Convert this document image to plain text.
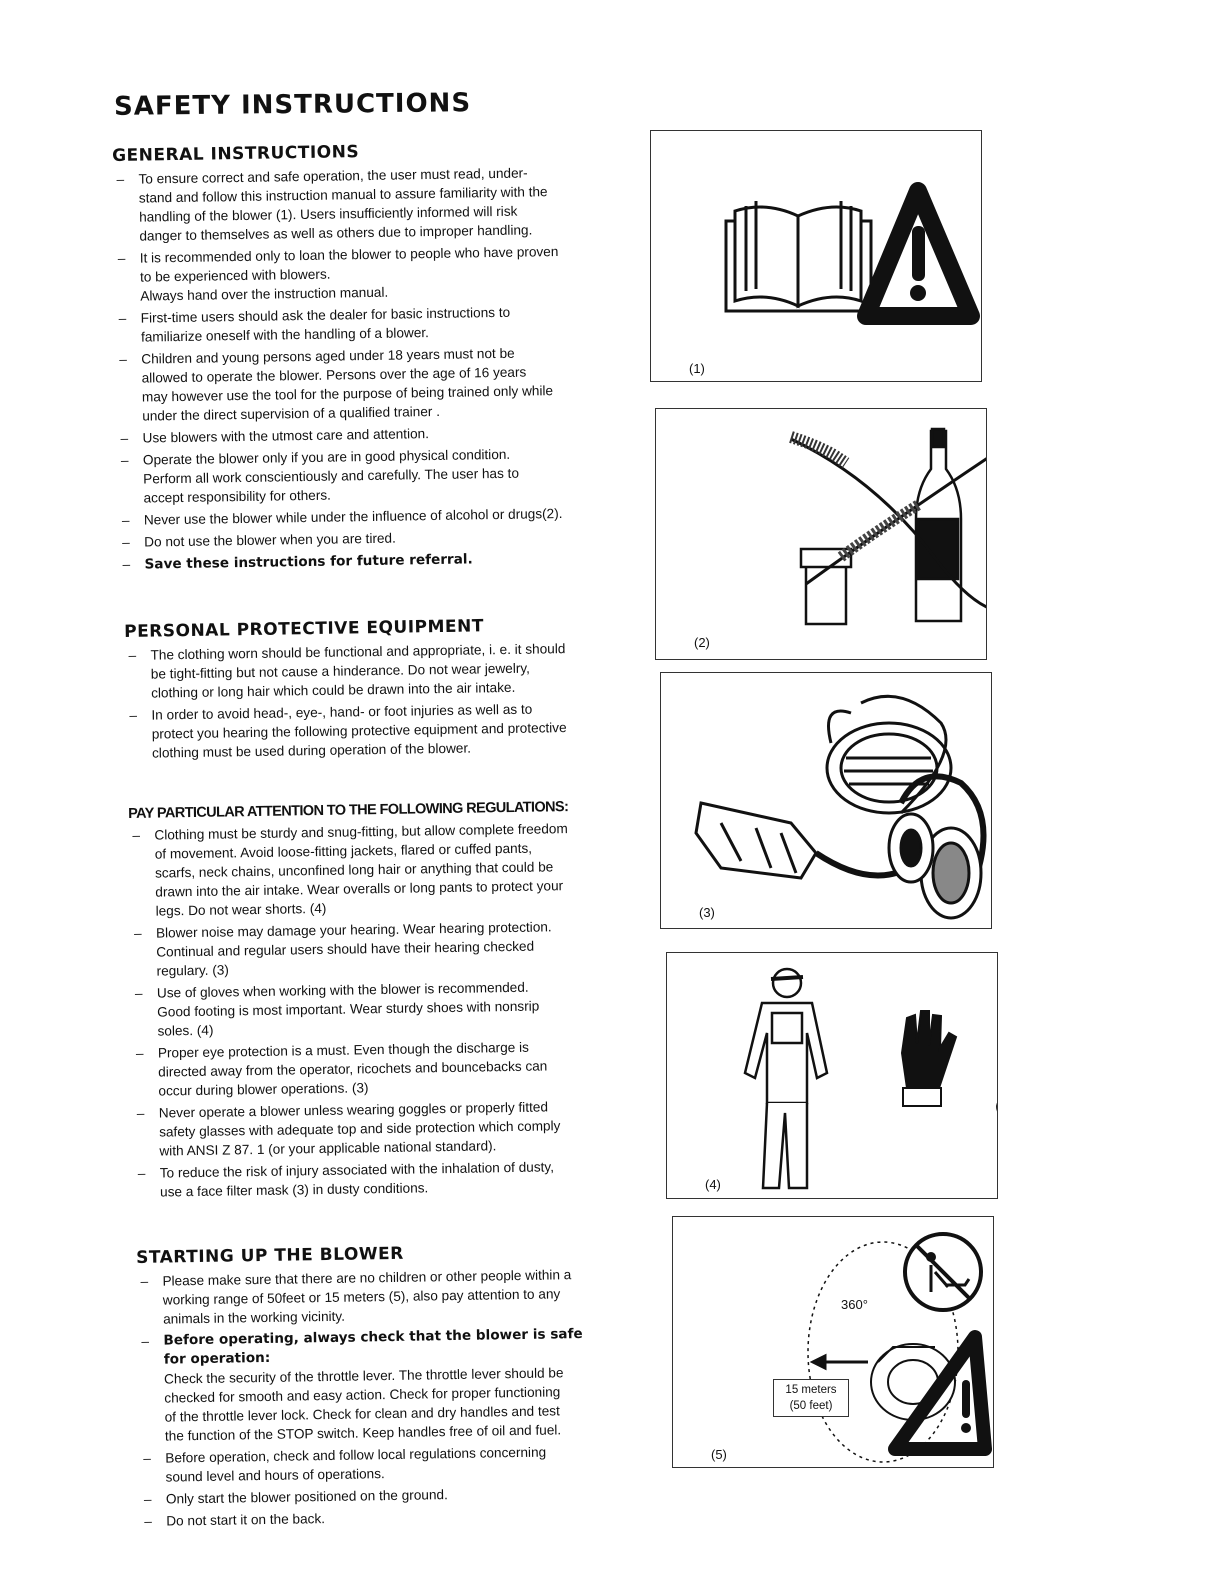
SAFETY INSTRUCTIONS
GENERAL INSTRUCTIONS
– To ensure correct and safe operation, the user must read, under-
stand and follow this instruction manual to assure familiarity with the
handling of the blower (1). Users insufficiently informed will risk
danger to themselves as well as others due to improper handling.
– It is recommended only to loan the blower to people who have proven
to be experienced with blowers.
Always hand over the instruction manual.
– First-time users should ask the dealer for basic instructions to
familiarize oneself with the handling of a blower.
– Children and young persons aged under 18 years must not be
allowed to operate the blower. Persons over the age of 16 years
may however use the tool for the purpose of being trained only while
under the direct supervision of a qualified trainer .
– Use blowers with the utmost care and attention.
– Operate the blower only if you are in good physical condition.
Perform all work conscientiously and carefully. The user has to
accept responsibility for others.
– Never use the blower while under the influence of alcohol or drugs(2).
– Do not use the blower when you are tired.
– Save these instructions for future referral.
PERSONAL PROTECTIVE EQUIPMENT
– The clothing worn should be functional and appropriate, i. e. it should
be tight-fitting but not cause a hinderance. Do not wear jewelry,
clothing or long hair which could be drawn into the air intake.
– In order to avoid head-, eye-, hand- or foot injuries as well as to
protect you hearing the following protective equipment and protective
clothing must be used during operation of the blower.
PAY PARTICULAR ATTENTION TO THE FOLLOWING REGULATIONS:
– Clothing must be sturdy and snug-fitting, but allow complete freedom
of movement. Avoid loose-fitting jackets, flared or cuffed pants,
scarfs, neck chains, unconfined long hair or anything that could be
drawn into the air intake. Wear overalls or long pants to protect your
legs. Do not wear shorts. (4)
– Blower noise may damage your hearing. Wear hearing protection.
Continual and regular users should have their hearing checked
regulary. (3)
– Use of gloves when working with the blower is recommended.
Good footing is most important. Wear sturdy shoes with nonsrip
soles. (4)
– Proper eye protection is a must. Even though the discharge is
directed away from the operator, ricochets and bouncebacks can
occur during blower operations. (3)
– Never operate a blower unless wearing goggles or properly fitted
safety glasses with adequate top and side protection which comply
with ANSI Z 87. 1 (or your applicable national standard).
– To reduce the risk of injury associated with the inhalation of dusty,
use a face filter mask (3) in dusty conditions.
STARTING UP THE BLOWER
– Please make sure that there are no children or other people within a
working range of 50feet or 15 meters (5), also pay attention to any
animals in the working vicinity.
– Before operating, always check that the blower is safe
for operation:
Check the security of the throttle lever. The throttle lever should be
checked for smooth and easy action. Check for proper functioning
of the throttle lever lock. Check for clean and dry handles and test
the function of the STOP switch. Keep handles free of oil and fuel.
– Before operation, check and follow local regulations concerning
sound level and hours of operations.
– Only start the blower positioned on the ground.
– Do not start it on the back.
(1)
(2)
(3)
(4)
360°
15 meters
(50 feet)
(5)
